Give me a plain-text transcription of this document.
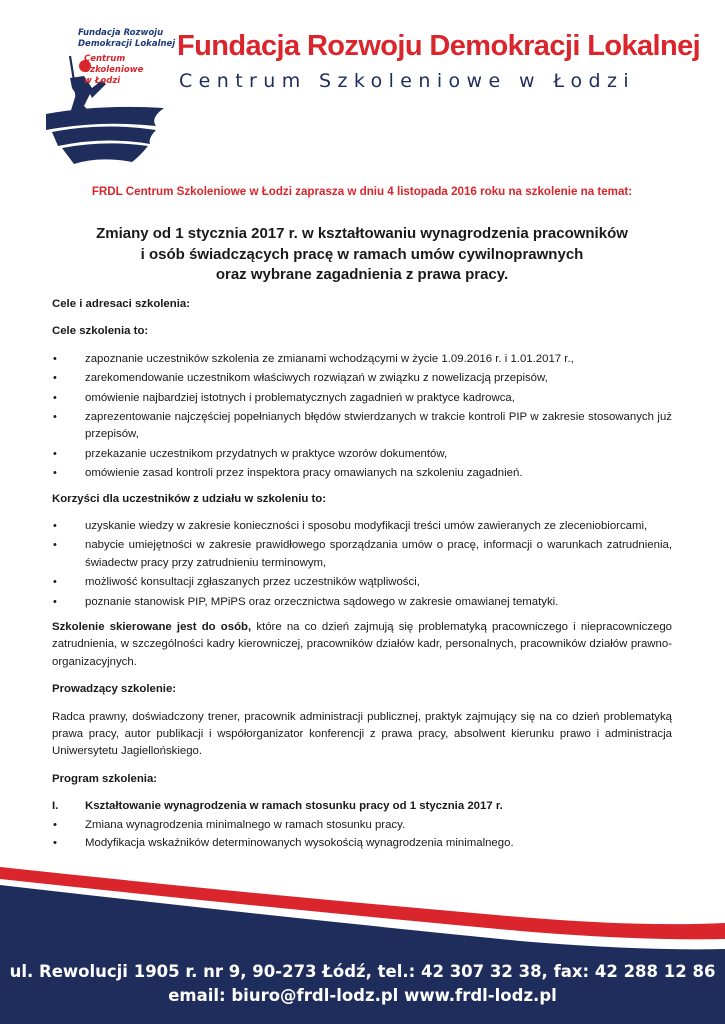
Fundacja Rozwoju
Demokracji Lokalnej
Centrum
Szkoleniowe
w Łodzi
Fundacja Rozwoju Demokracji Lokalnej
Centrum Szkoleniowe w Łodzi
FRDL Centrum Szkoleniowe w Łodzi zaprasza w dniu 4 listopada 2016 roku na szkolenie na temat:
Zmiany od 1 stycznia 2017 r. w kształtowaniu wynagrodzenia pracowników
i osób świadczących pracę w ramach umów cywilnoprawnych
oraz wybrane zagadnienia z prawa pracy.
Cele i adresaci szkolenia:
Cele szkolenia to:
• zapoznanie uczestników szkolenia ze zmianami wchodzącymi w życie 1.09.2016 r. i 1.01.2017 r.,
• zarekomendowanie uczestnikom właściwych rozwiązań w związku z nowelizacją przepisów,
• omówienie najbardziej istotnych i problematycznych zagadnień w praktyce kadrowca,
• zaprezentowanie najczęściej popełnianych błędów stwierdzanych w trakcie kontroli PIP w zakresie stosowanych już przepisów,
• przekazanie uczestnikom przydatnych w praktyce wzorów dokumentów,
• omówienie zasad kontroli przez inspektora pracy omawianych na szkoleniu zagadnień.
Korzyści dla uczestników z udziału w szkoleniu to:
• uzyskanie wiedzy w zakresie konieczności i sposobu modyfikacji treści umów zawieranych ze zleceniobiorcami,
• nabycie umiejętności w zakresie prawidłowego sporządzania umów o pracę, informacji o warunkach zatrudnienia, świadectw pracy przy zatrudnieniu terminowym,
• możliwość konsultacji zgłaszanych przez uczestników wątpliwości,
• poznanie stanowisk PIP, MPiPS oraz orzecznictwa sądowego w zakresie omawianej tematyki.

Szkolenie skierowane jest do osób, które na co dzień zajmują się problematyką pracowniczego i niepracowniczego zatrudnienia, w szczególności kadry kierowniczej, pracowników działów kadr, personalnych, pracowników działów prawno-organizacyjnych.

Prowadzący szkolenie:

Radca prawny, doświadczony trener, pracownik administracji publicznej, praktyk zajmujący się na co dzień problematyką prawa pracy, autor publikacji i współorganizator konferencji z prawa pracy, absolwent kierunku prawo i administracja Uniwersytetu Jagiellońskiego.

Program szkolenia:
I. Kształtowanie wynagrodzenia w ramach stosunku pracy od 1 stycznia 2017 r.
• Zmiana wynagrodzenia minimalnego w ramach stosunku pracy.
• Modyfikacja wskaźników determinowanych wysokością wynagrodzenia minimalnego.
ul. Rewolucji 1905 r. nr 9, 90-273 Łódź, tel.: 42 307 32 38, fax: 42 288 12 86
email: biuro@frdl-lodz.pl www.frdl-lodz.pl
